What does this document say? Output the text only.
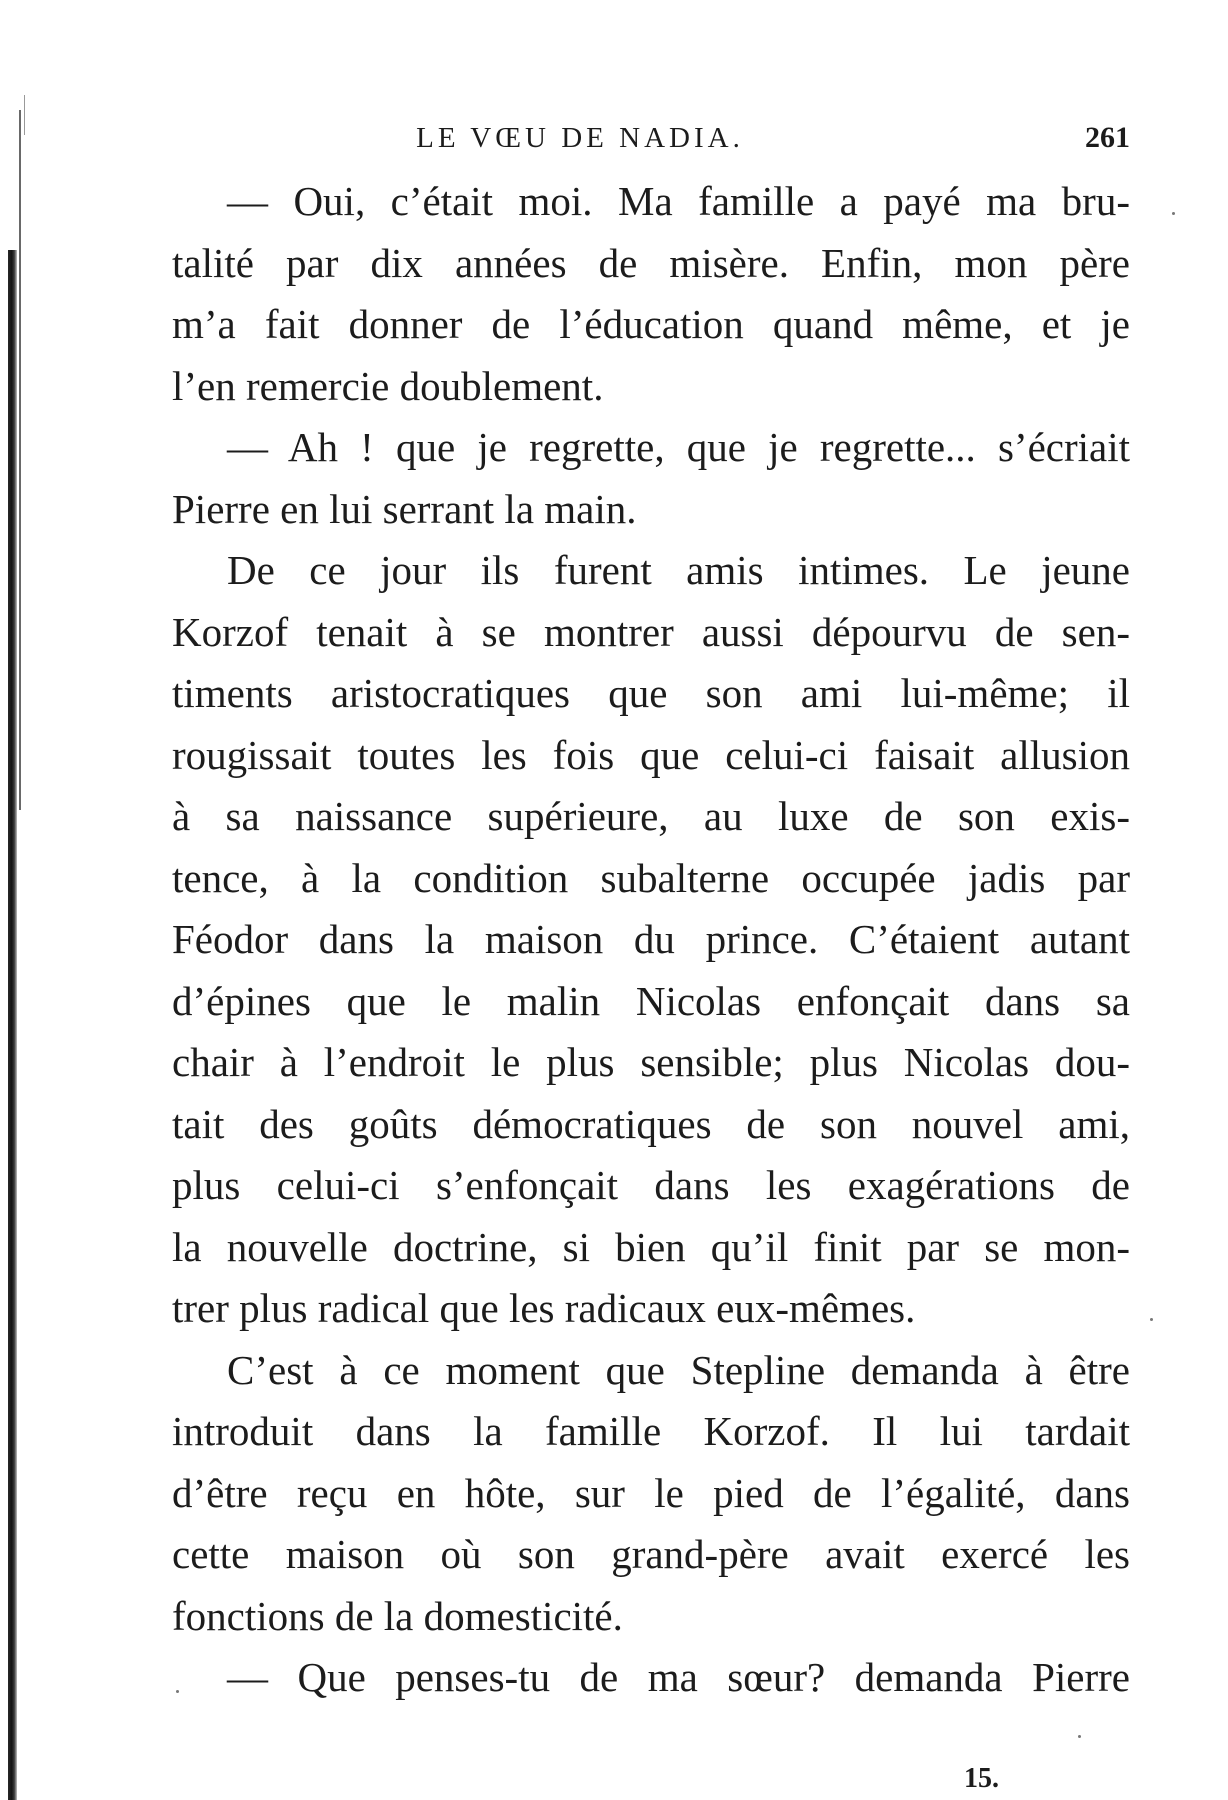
LE VŒU DE NADIA.	261
— Oui, c’était moi. Ma famille a payé ma bru-
talité par dix années de misère. Enfin, mon père
m’a fait donner de l’éducation quand même, et je
l’en remercie doublement.
— Ah ! que je regrette, que je regrette... s’écriait
Pierre en lui serrant la main.
De ce jour ils furent amis intimes. Le jeune
Korzof tenait à se montrer aussi dépourvu de sen-
timents aristocratiques que son ami lui-même; il
rougissait toutes les fois que celui-ci faisait allusion
à sa naissance supérieure, au luxe de son exis-
tence, à la condition subalterne occupée jadis par
Féodor dans la maison du prince. C’étaient autant
d’épines que le malin Nicolas enfonçait dans sa
chair à l’endroit le plus sensible; plus Nicolas dou-
tait des goûts démocratiques de son nouvel ami,
plus celui-ci s’enfonçait dans les exagérations de
la nouvelle doctrine, si bien qu’il finit par se mon-
trer plus radical que les radicaux eux-mêmes.
C’est à ce moment que Stepline demanda à être
introduit dans la famille Korzof. Il lui tardait
d’être reçu en hôte, sur le pied de l’égalité, dans
cette maison où son grand-père avait exercé les
fonctions de la domesticité.
— Que penses-tu de ma sœur? demanda Pierre
15.
